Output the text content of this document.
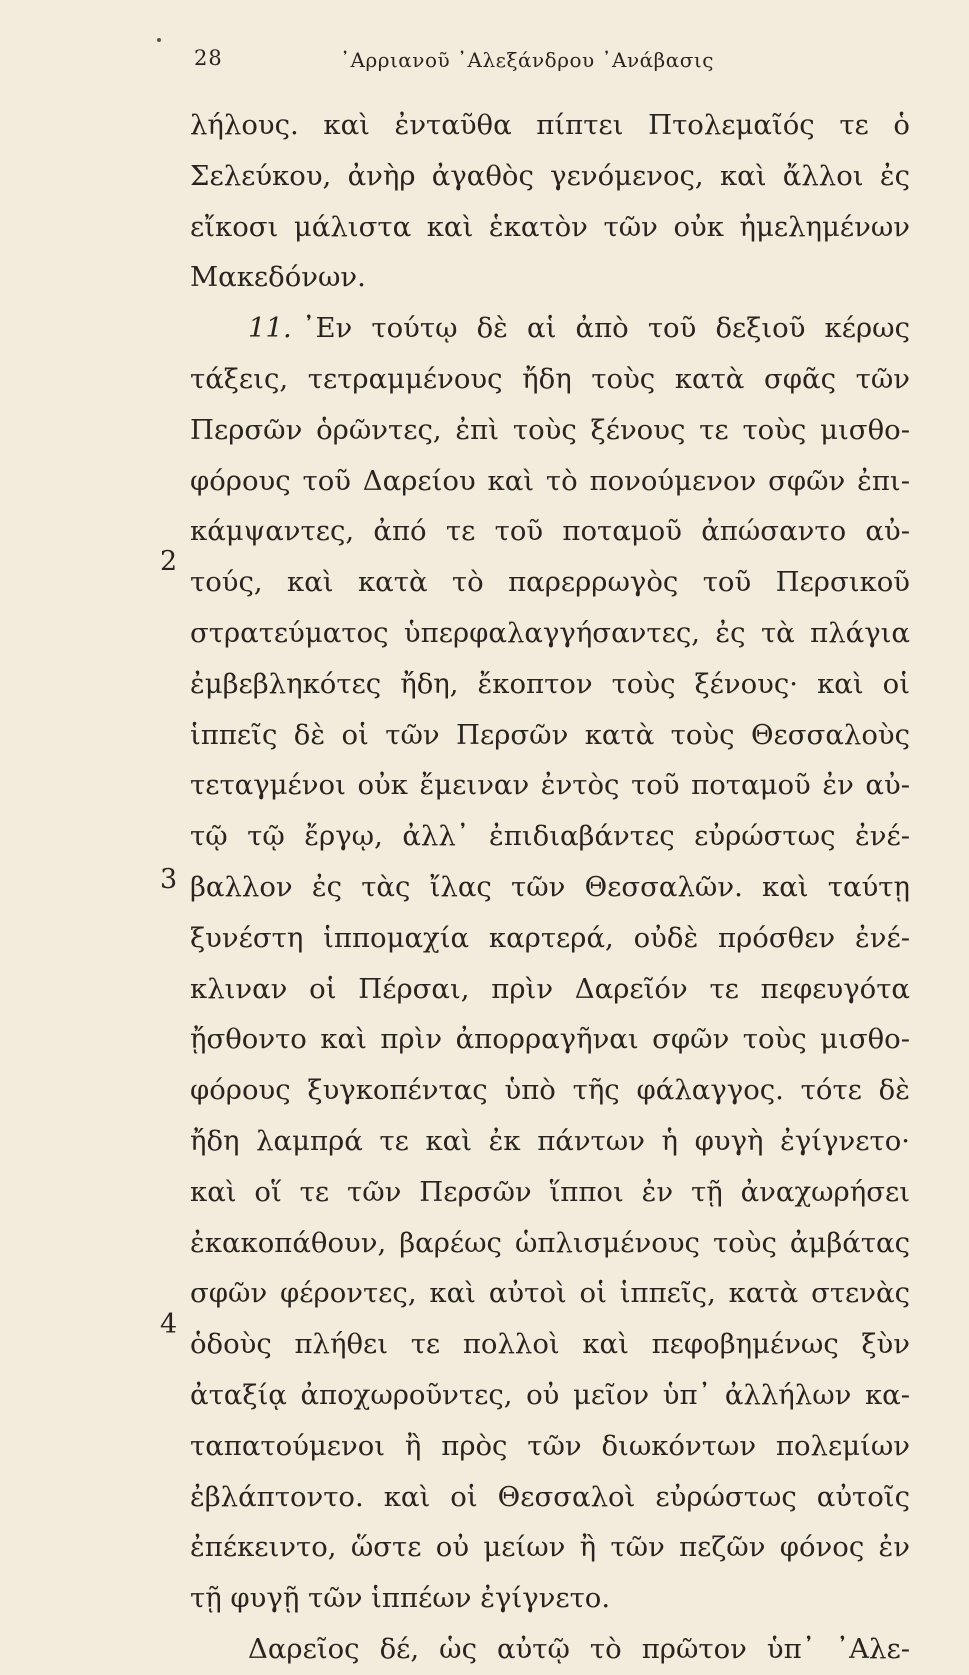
28	᾿Αρριανοῦ ᾿Αλεξάνδρου ᾿Ανάβασις
2
3
4
λήλους. καὶ ἐνταῦθα πίπτει Πτολεμαῖός τε ὁ
Σελεύκου, ἀνὴρ ἀγαθὸς γενόμενος, καὶ ἄλλοι ἐς
εἴκοσι μάλιστα καὶ ἑκατὸν τῶν οὐκ ἠμελημένων
Μακεδόνων.
11. ᾿Εν τούτῳ δὲ αἱ ἀπὸ τοῦ δεξιοῦ κέρως
τάξεις, τετραμμένους ἤδη τοὺς κατὰ σφᾶς τῶν
Περσῶν ὁρῶντες, ἐπὶ τοὺς ξένους τε τοὺς μισθο-
φόρους τοῦ Δαρείου καὶ τὸ πονούμενον σφῶν ἐπι-
κάμψαντες, ἀπό τε τοῦ ποταμοῦ ἀπώσαντο αὐ-
τούς, καὶ κατὰ τὸ παρερρωγὸς τοῦ Περσικοῦ
στρατεύματος ὑπερφαλαγγήσαντες, ἐς τὰ πλάγια
ἐμβεβληκότες ἤδη, ἔκοπτον τοὺς ξένους· καὶ οἱ
ἱππεῖς δὲ οἱ τῶν Περσῶν κατὰ τοὺς Θεσσαλοὺς
τεταγμένοι οὐκ ἔμειναν ἐντὸς τοῦ ποταμοῦ ἐν αὐ-
τῷ τῷ ἔργῳ, ἀλλ᾿ ἐπιδιαβάντες εὐρώστως ἐνέ-
βαλλον ἐς τὰς ἴλας τῶν Θεσσαλῶν. καὶ ταύτῃ
ξυνέστη ἱππομαχία καρτερά, οὐδὲ πρόσθεν ἐνέ-
κλιναν οἱ Πέρσαι, πρὶν Δαρεῖόν τε πεφευγότα
ᾔσθοντο καὶ πρὶν ἀπορραγῆναι σφῶν τοὺς μισθο-
φόρους ξυγκοπέντας ὑπὸ τῆς φάλαγγος. τότε δὲ
ἤδη λαμπρά τε καὶ ἐκ πάντων ἡ φυγὴ ἐγίγνετο·
καὶ οἵ τε τῶν Περσῶν ἵπποι ἐν τῇ ἀναχωρήσει
ἐκακοπάθουν, βαρέως ὡπλισμένους τοὺς ἀμβάτας
σφῶν φέροντες, καὶ αὐτοὶ οἱ ἱππεῖς, κατὰ στενὰς
ὁδοὺς πλήθει τε πολλοὶ καὶ πεφοβημένως ξὺν
ἀταξίᾳ ἀποχωροῦντες, οὐ μεῖον ὑπ᾿ ἀλλήλων κα-
ταπατούμενοι ἢ πρὸς τῶν διωκόντων πολεμίων
ἐβλάπτοντο. καὶ οἱ Θεσσαλοὶ εὐρώστως αὐτοῖς
ἐπέκειντο, ὥστε οὐ μείων ἢ τῶν πεζῶν φόνος ἐν
τῇ φυγῇ τῶν ἱππέων ἐγίγνετο.
Δαρεῖος δέ, ὡς αὐτῷ τὸ πρῶτον ὑπ᾿ ᾿Αλε-
